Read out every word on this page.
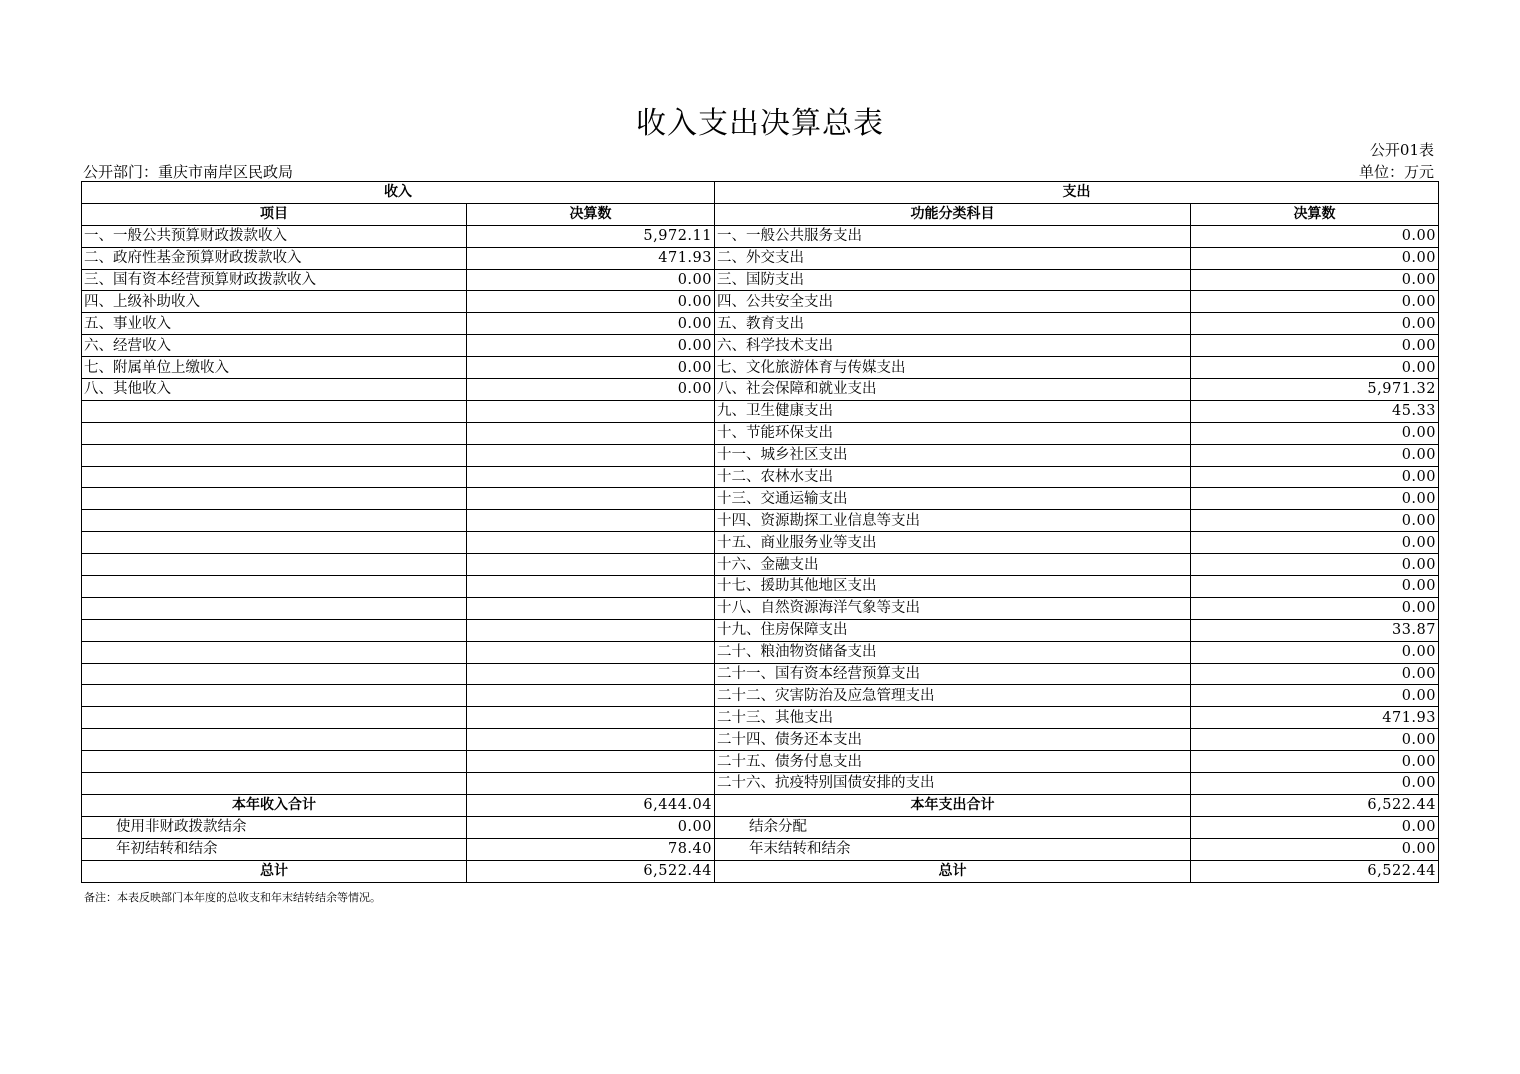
收入支出决算总表
公开01表
公开部门：重庆市南岸区民政局	单位：万元
收入		支出	
项目	决算数	功能分类科目	决算数
一、一般公共预算财政拨款收入	5,972.11	一、一般公共服务支出	0.00
二、政府性基金预算财政拨款收入	471.93	二、外交支出	0.00
三、国有资本经营预算财政拨款收入	0.00	三、国防支出	0.00
四、上级补助收入	0.00	四、公共安全支出	0.00
五、事业收入	0.00	五、教育支出	0.00
六、经营收入	0.00	六、科学技术支出	0.00
七、附属单位上缴收入	0.00	七、文化旅游体育与传媒支出	0.00
八、其他收入	0.00	八、社会保障和就业支出	5,971.32
		九、卫生健康支出	45.33
		十、节能环保支出	0.00
		十一、城乡社区支出	0.00
		十二、农林水支出	0.00
		十三、交通运输支出	0.00
		十四、资源勘探工业信息等支出	0.00
		十五、商业服务业等支出	0.00
		十六、金融支出	0.00
		十七、援助其他地区支出	0.00
		十八、自然资源海洋气象等支出	0.00
		十九、住房保障支出	33.87
		二十、粮油物资储备支出	0.00
		二十一、国有资本经营预算支出	0.00
		二十二、灾害防治及应急管理支出	0.00
		二十三、其他支出	471.93
		二十四、债务还本支出	0.00
		二十五、债务付息支出	0.00
		二十六、抗疫特别国债安排的支出	0.00
本年收入合计	6,444.04	本年支出合计	6,522.44
使用非财政拨款结余	0.00	结余分配	0.00
年初结转和结余	78.40	年末结转和结余	0.00
总计	6,522.44	总计	6,522.44
备注：本表反映部门本年度的总收支和年末结转结余等情况。
